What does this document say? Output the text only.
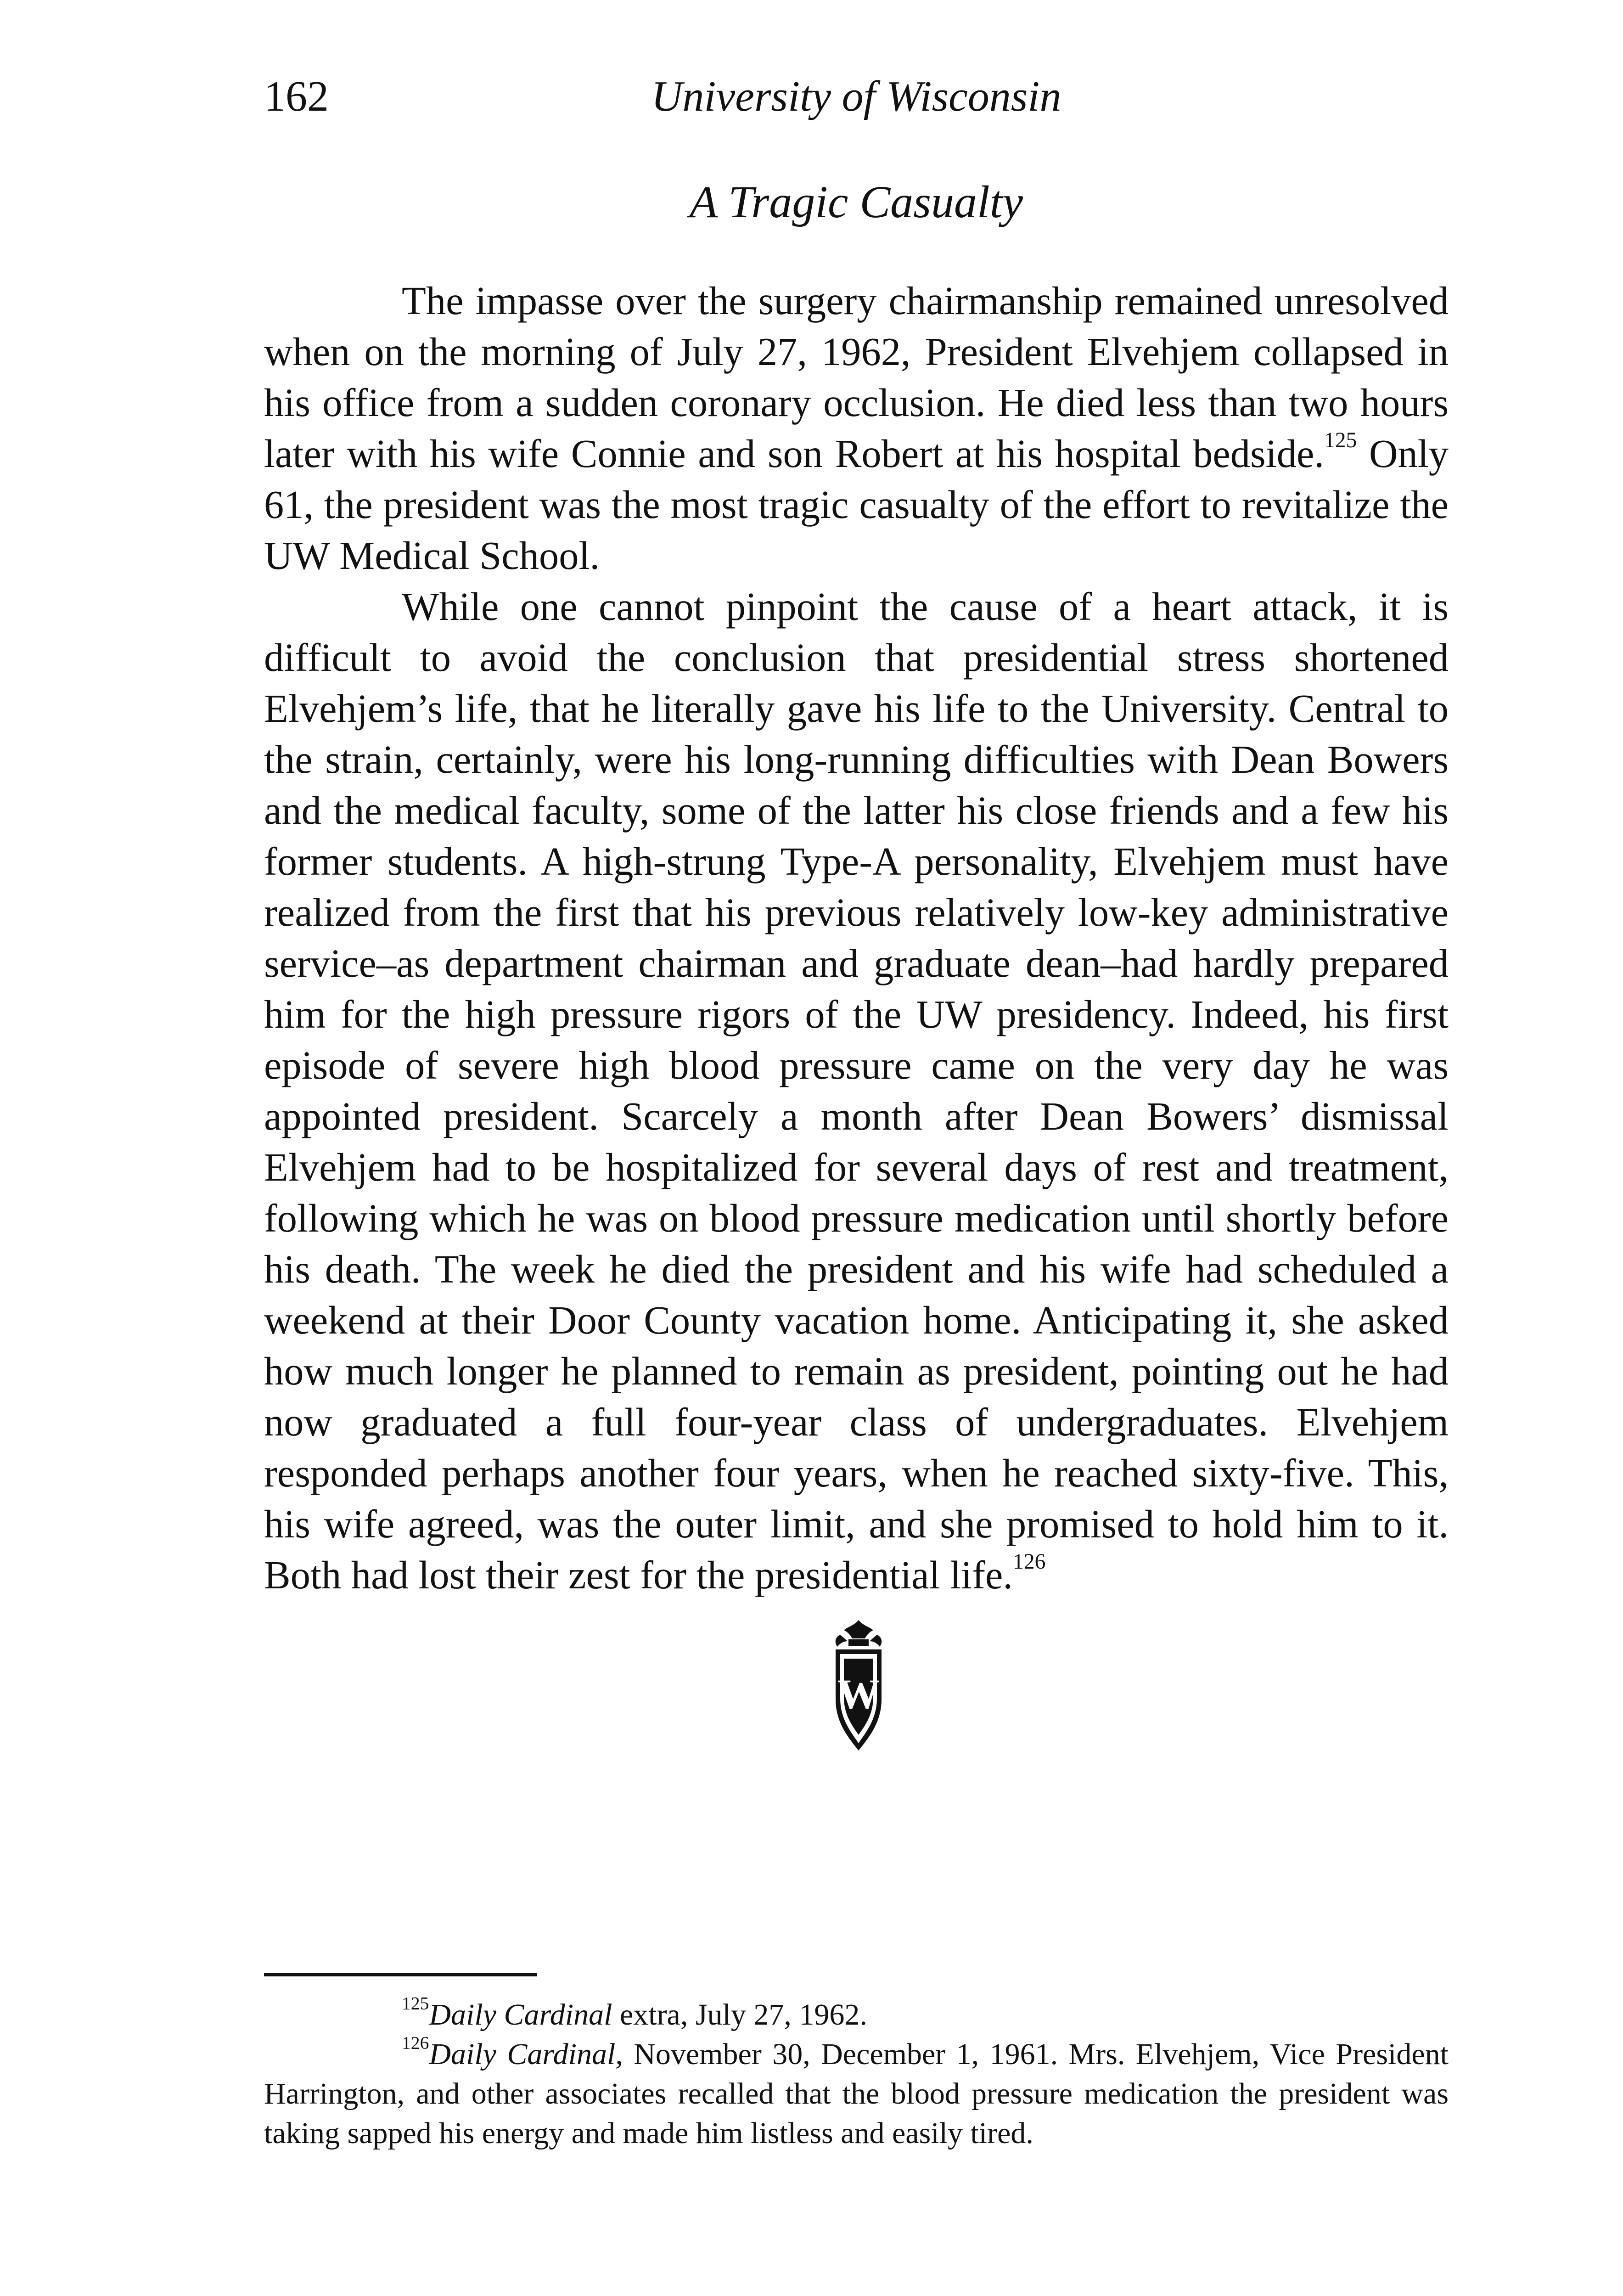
162	University of Wisconsin
A Tragic Casualty

The impasse over the surgery chairmanship remained unresolved when on the morning of July 27, 1962, President Elvehjem collapsed in his office from a sudden coronary occlusion. He died less than two hours later with his wife Connie and son Robert at his hospital bedside.$^{125}$ Only 61, the president was the most tragic casualty of the effort to revitalize the UW Medical School.

While one cannot pinpoint the cause of a heart attack, it is difficult to avoid the conclusion that presidential stress shortened Elvehjem’s life, that he literally gave his life to the University. Central to the strain, certainly, were his long-running difficulties with Dean Bowers and the medical faculty, some of the latter his close friends and a few his former students. A high-strung Type-A personality, Elvehjem must have realized from the first that his previous relatively low-key administrative service–as department chairman and graduate dean–had hardly prepared him for the high pressure rigors of the UW presidency. Indeed, his first episode of severe high blood pressure came on the very day he was appointed president. Scarcely a month after Dean Bowers’ dismissal Elvehjem had to be hospitalized for several days of rest and treatment, following which he was on blood pressure medication until shortly before his death. The week he died the president and his wife had scheduled a weekend at their Door County vacation home. Anticipating it, she asked how much longer he planned to remain as president, pointing out he had now graduated a full four-year class of undergraduates. Elvehjem responded perhaps another four years, when he reached sixty-five. This, his wife agreed, was the outer limit, and she promised to hold him to it. Both had lost their zest for the presidential life.$^{126}$

W

$^{125}$Daily Cardinal extra, July 27, 1962.

$^{126}$Daily Cardinal, November 30, December 1, 1961. Mrs. Elvehjem, Vice President Harrington, and other associates recalled that the blood pressure medication the president was taking sapped his energy and made him listless and easily tired.
